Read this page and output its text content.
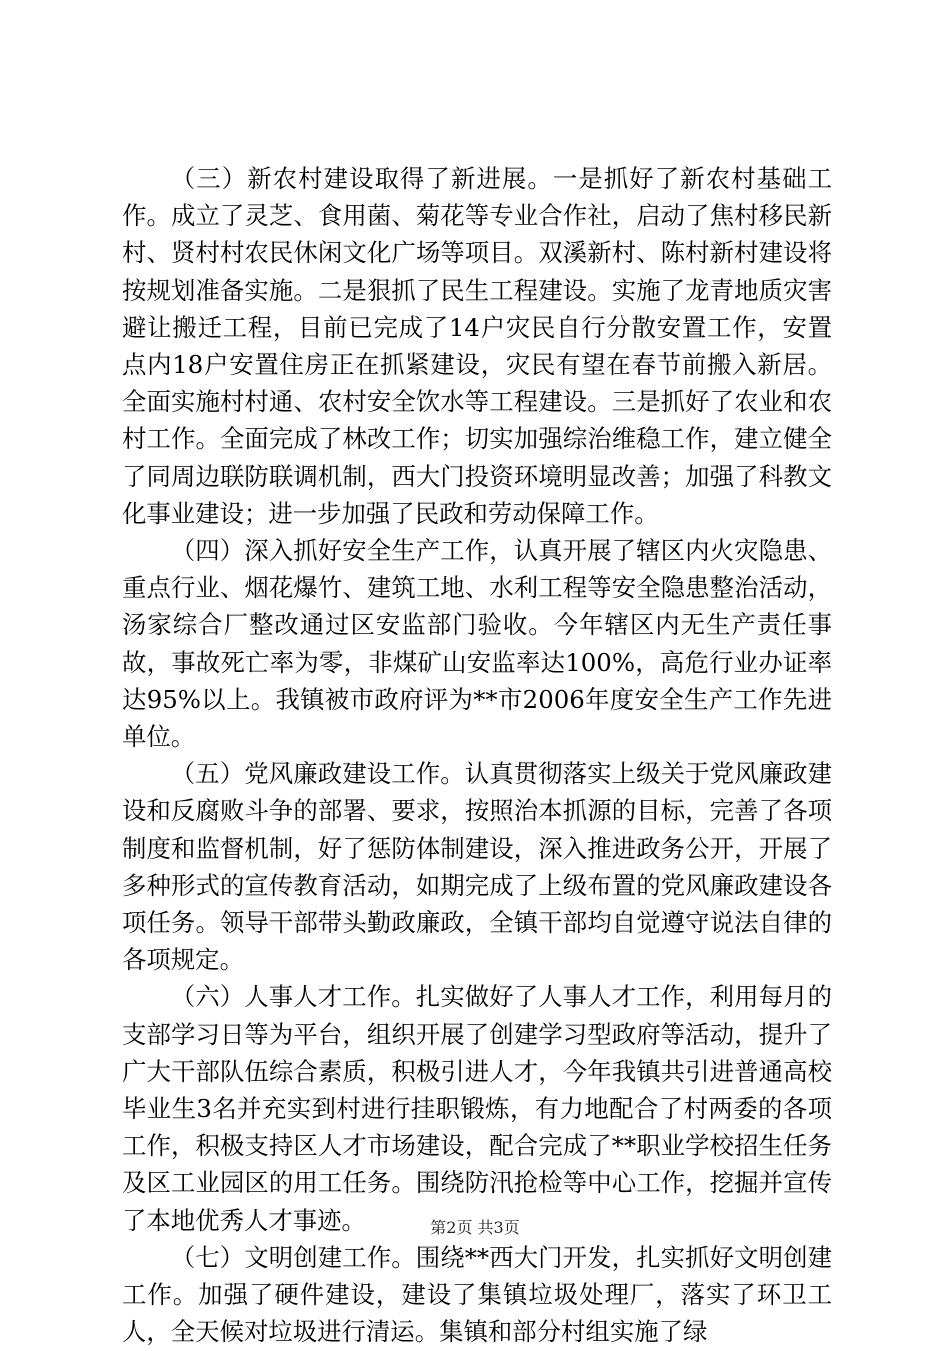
（三）新农村建设取得了新进展。一是抓好了新农村基础工作。成立了灵芝、食用菌、菊花等专业合作社，启动了焦村移民新村、贤村村农民休闲文化广场等项目。双溪新村、陈村新村建设将按规划准备实施。二是狠抓了民生工程建设。实施了龙青地质灾害避让搬迁工程，目前已完成了14户灾民自行分散安置工作，安置点内18户安置住房正在抓紧建设，灾民有望在春节前搬入新居。全面实施村村通、农村安全饮水等工程建设。三是抓好了农业和农村工作。全面完成了林改工作；切实加强综治维稳工作，建立健全了同周边联防联调机制，西大门投资环境明显改善；加强了科教文化事业建设；进一步加强了民政和劳动保障工作。

（四）深入抓好安全生产工作，认真开展了辖区内火灾隐患、重点行业、烟花爆竹、建筑工地、水利工程等安全隐患整治活动，汤家综合厂整改通过区安监部门验收。今年辖区内无生产责任事故，事故死亡率为零，非煤矿山安监率达100%，高危行业办证率达95%以上。我镇被市政府评为**市2006年度安全生产工作先进单位。

（五）党风廉政建设工作。认真贯彻落实上级关于党风廉政建设和反腐败斗争的部署、要求，按照治本抓源的目标，完善了各项制度和监督机制，好了惩防体制建设，深入推进政务公开，开展了多种形式的宣传教育活动，如期完成了上级布置的党风廉政建设各项任务。领导干部带头勤政廉政，全镇干部均自觉遵守说法自律的各项规定。

（六）人事人才工作。扎实做好了人事人才工作，利用每月的支部学习日等为平台，组织开展了创建学习型政府等活动，提升了广大干部队伍综合素质，积极引进人才，今年我镇共引进普通高校毕业生3名并充实到村进行挂职锻炼，有力地配合了村两委的各项工作，积极支持区人才市场建设，配合完成了**职业学校招生任务及区工业园区的用工任务。围绕防汛抢检等中心工作，挖掘并宣传了本地优秀人才事迹。

（七）文明创建工作。围绕**西大门开发，扎实抓好文明创建工作。加强了硬件建设，建设了集镇垃圾处理厂，落实了环卫工人，全天候对垃圾进行清运。集镇和部分村组实施了绿

第2页 共3页
